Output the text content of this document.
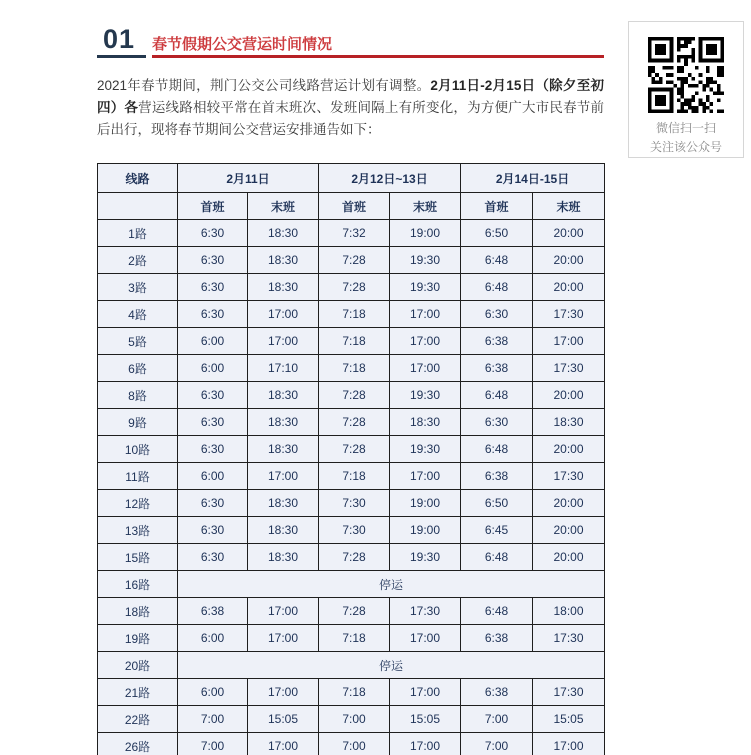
01 春节假期公交营运时间情况

2021年春节期间，荆门公交公司线路营运计划有调整。2月11日-2月15日（除夕至初四）各营运线路相较平常在首末班次、发班间隔上有所变化，为方便广大市民春节前后出行，现将春节期间公交营运安排通告如下：

线路	2月11日		2月12日~13日		2月14日-15日	
	首班	末班	首班	末班	首班	末班
1路	6:30	18:30	7:32	19:00	6:50	20:00
2路	6:30	18:30	7:28	19:30	6:48	20:00
3路	6:30	18:30	7:28	19:30	6:48	20:00
4路	6:30	17:00	7:18	17:00	6:30	17:30
5路	6:00	17:00	7:18	17:00	6:38	17:00
6路	6:00	17:10	7:18	17:00	6:38	17:30
8路	6:30	18:30	7:28	19:30	6:48	20:00
9路	6:30	18:30	7:28	18:30	6:30	18:30
10路	6:30	18:30	7:28	19:30	6:48	20:00
11路	6:00	17:00	7:18	17:00	6:38	17:30
12路	6:30	18:30	7:30	19:00	6:50	20:00
13路	6:30	18:30	7:30	19:00	6:45	20:00
15路	6:30	18:30	7:28	19:30	6:48	20:00
16路	停运					
18路	6:38	17:00	7:28	17:30	6:48	18:00
19路	6:00	17:00	7:18	17:00	6:38	17:30
20路	停运					
21路	6:00	17:00	7:18	17:00	6:38	17:30
22路	7:00	15:05	7:00	15:05	7:00	15:05
26路	7:00	17:00	7:00	17:00	7:00	17:00
微信扫一扫
关注该公众号
